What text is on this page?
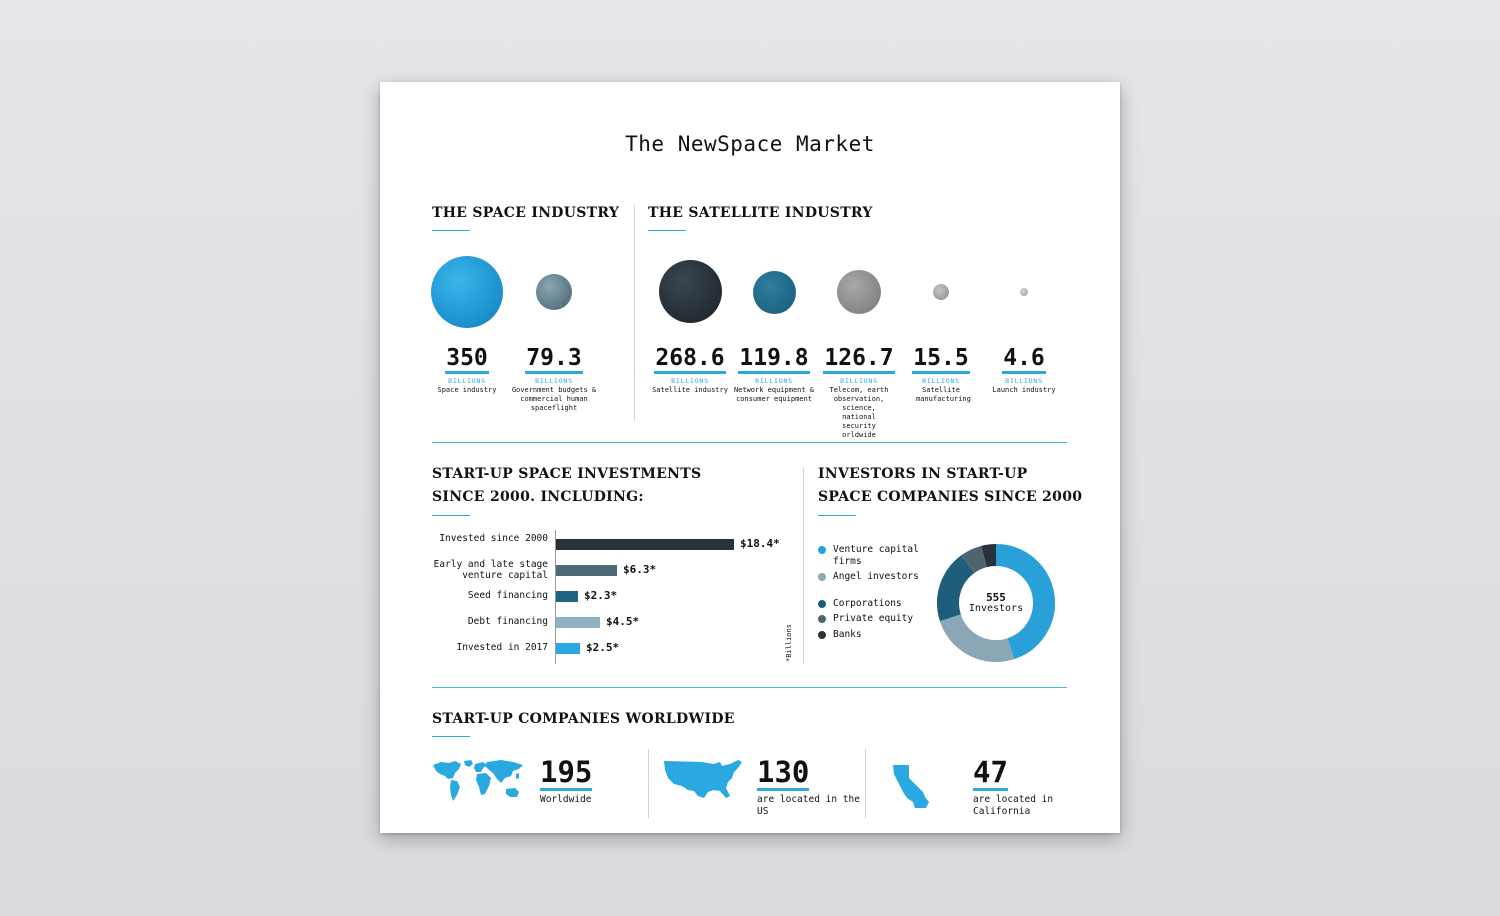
The NewSpace Market
THE SPACE INDUSTRY
350
BILLIONS
Space industry
79.3
BILLIONS
Government budgets & commercial human spaceflight
THE SATELLITE INDUSTRY
268.6
BILLIONS
Satellite industry
119.8
BILLIONS
Network equipment & consumer equipment
126.7
BILLIONS
Telecom, earth observation, science, national security orldwide
15.5
BILLIONS
Satellite manufacturing
4.6
BILLIONS
Launch industry
START-UP SPACE INVESTMENTS
SINCE 2000. INCLUDING:
*Billions
INVESTORS IN START-UP
SPACE COMPANIES SINCE 2000
555
Investors
START-UP COMPANIES WORLDWIDE
195
Worldwide
130
are located in the US
47
are located in California
Invested since 2000	$18.4*
Early and late stage venture capital	$6.3*
Seed financing	$2.3*
Debt financing	$4.5*
Invested in 2017	$2.5*
Venture capital firms
Angel investors
Corporations
Private equity
Banks
